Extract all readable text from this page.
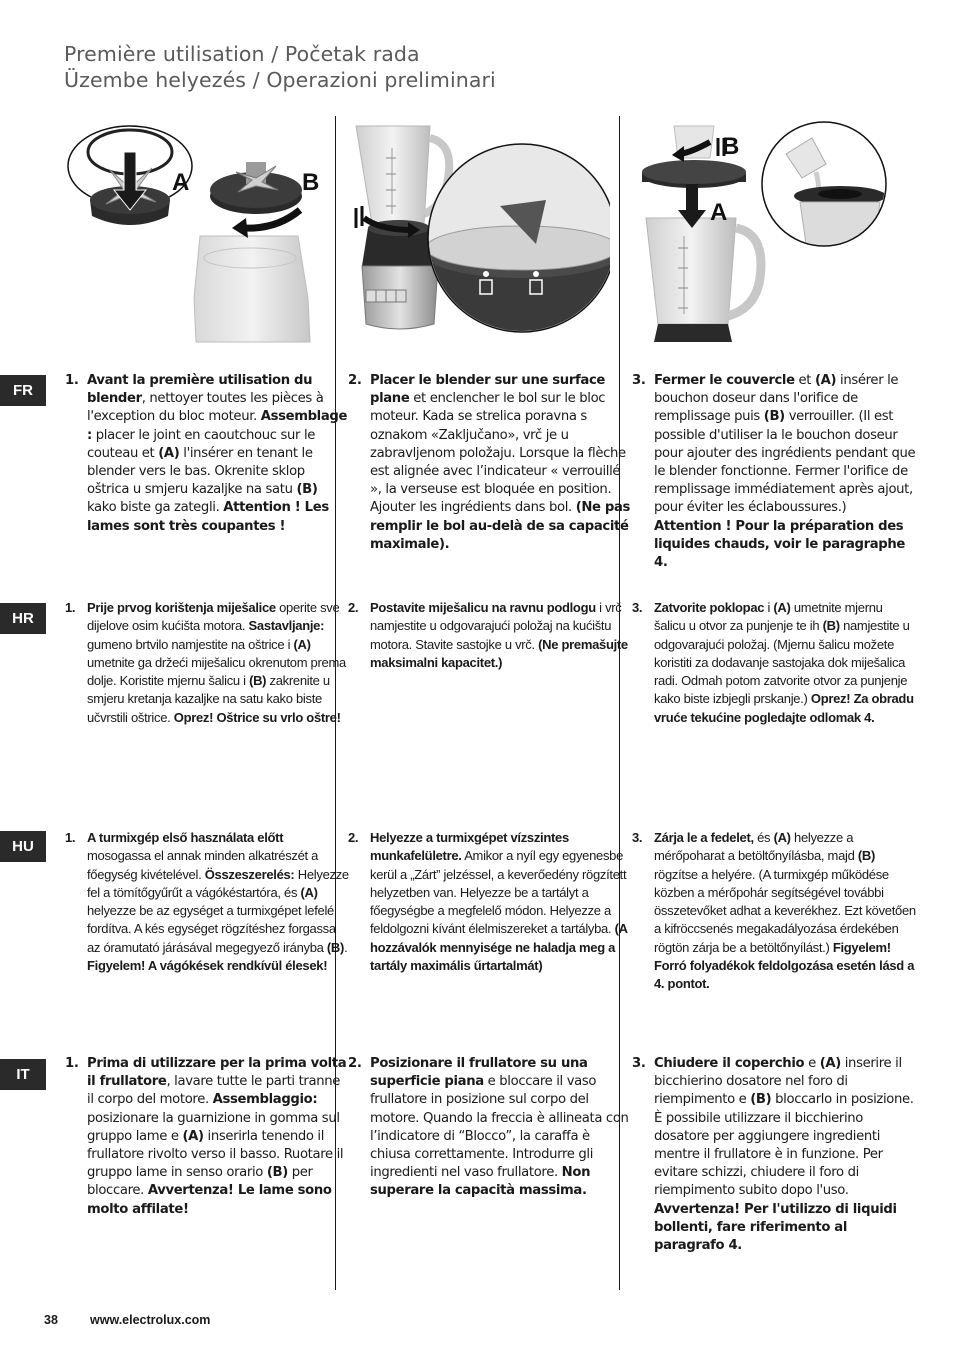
Première utilisation / Početak rada
Üzembe helyezés / Operazioni preliminari
A	B
B
A
FR
HR
HU
IT
1. Avant la première utilisation du blender, nettoyer toutes les pièces à l'exception du bloc moteur. Assemblage : placer le joint en caoutchouc sur le couteau et (A) l'insérer en tenant le blender vers le bas. Okrenite sklop oštrica u smjeru kazaljke na satu (B) kako biste ga zategli. Attention ! Les lames sont très coupantes !

2. Placer le blender sur une surface plane et enclencher le bol sur le bloc moteur. Kada se strelica poravna s oznakom «Zaključano», vrč je u zabravljenom položaju. Lorsque la flèche est alignée avec l’indicateur « verrouillé », la verseuse est bloquée en position. Ajouter les ingrédients dans bol. (Ne pas remplir le bol au-delà de sa capacité maximale).

3. Fermer le couvercle et (A) insérer le bouchon doseur dans l'orifice de remplissage puis (B) verrouiller. (Il est possible d'utiliser la le bouchon doseur pour ajouter des ingrédients pendant que le blender fonctionne. Fermer l'orifice de remplissage immédiatement après ajout, pour éviter les éclaboussures.) Attention ! Pour la préparation des liquides chauds, voir le paragraphe 4.

1. Prije prvog korištenja miješalice operite sve dijelove osim kućišta motora. Sastavljanje: gumeno brtvilo namjestite na oštrice i (A) umetnite ga držeći miješalicu okrenutom prema dolje. Koristite mjernu šalicu i (B) zakrenite u smjeru kretanja kazaljke na satu kako biste učvrstili oštrice. Oprez! Oštrice su vrlo oštre!

2. Postavite miješalicu na ravnu podlogu i vrč namjestite u odgovarajući položaj na kućištu motora. Stavite sastojke u vrč. (Ne premašujte maksimalni kapacitet.)

3. Zatvorite poklopac i (A) umetnite mjernu šalicu u otvor za punjenje te ih (B) namjestite u odgovarajući položaj. (Mjernu šalicu možete koristiti za dodavanje sastojaka dok miješalica radi. Odmah potom zatvorite otvor za punjenje kako biste izbjegli prskanje.) Oprez! Za obradu vruće tekućine pogledajte odlomak 4.

1. A turmixgép első használata előtt mosogassa el annak minden alkatrészét a főegység kivételével. Összeszerelés: Helyezze fel a tömítőgyűrűt a vágókéstartóra, és (A) helyezze be az egységet a turmixgépet lefelé fordítva. A kés egységet rögzítéshez forgassa az óramutató járásával megegyező irányba (B). Figyelem! A vágókések rendkívül élesek!

2. Helyezze a turmixgépet vízszintes munkafelületre. Amikor a nyíl egy egyenesbe kerül a „Zárt” jelzéssel, a keverőedény rögzített helyzetben van. Helyezze be a tartályt a főegységbe a megfelelő módon. Helyezze a feldolgozni kívánt élelmiszereket a tartályba. (A hozzávalók mennyisége ne haladja meg a tartály maximális űrtartalmát)

3. Zárja le a fedelet, és (A) helyezze a mérőpoharat a betöltőnyílásba, majd (B) rögzítse a helyére. (A turmixgép működése közben a mérőpohár segítségével további összetevőket adhat a keverékhez. Ezt követően a kifröccsenés megakadályozása érdekében rögtön zárja be a betöltőnyílást.) Figyelem! Forró folyadékok feldolgozása esetén lásd a 4. pontot.

1. Prima di utilizzare per la prima volta il frullatore, lavare tutte le parti tranne il corpo del motore. Assemblaggio: posizionare la guarnizione in gomma sul gruppo lame e (A) inserirla tenendo il frullatore rivolto verso il basso. Ruotare il gruppo lame in senso orario (B) per bloccare. Avvertenza! Le lame sono molto affilate!

2. Posizionare il frullatore su una superficie piana e bloccare il vaso frullatore in posizione sul corpo del motore. Quando la freccia è allineata con l’indicatore di “Blocco”, la caraffa è chiusa correttamente. Introdurre gli ingredienti nel vaso frullatore. Non superare la capacità massima.

3. Chiudere il coperchio e (A) inserire il bicchierino dosatore nel foro di riempimento e (B) bloccarlo in posizione. È possibile utilizzare il bicchierino dosatore per aggiungere ingredienti mentre il frullatore è in funzione. Per evitare schizzi, chiudere il foro di riempimento subito dopo l'uso. Avvertenza! Per l'utilizzo di liquidi bollenti, fare riferimento al paragrafo 4.

38	www.electrolux.com
